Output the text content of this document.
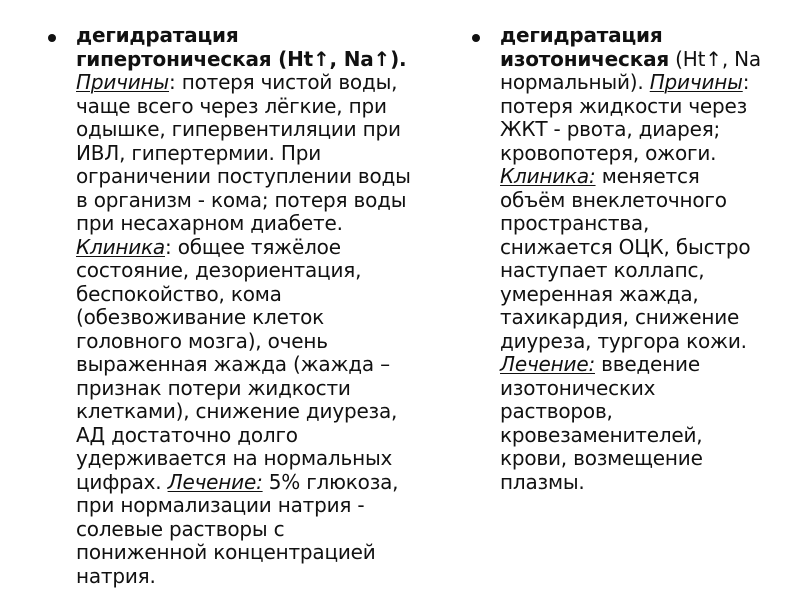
дегидратация гипертоническая (Ht↑, Na↑). Причины: потеря чистой воды, чаще всего через лёгкие, при одышке, гипервентиляции при ИВЛ, гипертермии. При ограничении поступлении воды в организм - кома; потеря воды при несахарном диабете. Клиника: общее тяжёлое состояние, дезориентация, беспокойство, кома (обезвоживание клеток головного мозга), очень выраженная жажда (жажда – признак потери жидкости клетками), снижение диуреза, АД достаточно долго удерживается на нормальных цифрах. Лечение: 5% глюкоза, при нормализации натрия - солевые растворы с пониженной концентрацией натрия.
дегидратация изотоническая (Ht↑, Na нормальный). Причины: потеря жидкости через ЖКТ - рвота, диарея; кровопотеря, ожоги. Клиника: меняется объём внеклеточного пространства, снижается ОЦК, быстро наступает коллапс, умеренная жажда, тахикардия, снижение диуреза, тургора кожи. Лечение: введение изотонических растворов, кровезаменителей, крови, возмещение плазмы.
